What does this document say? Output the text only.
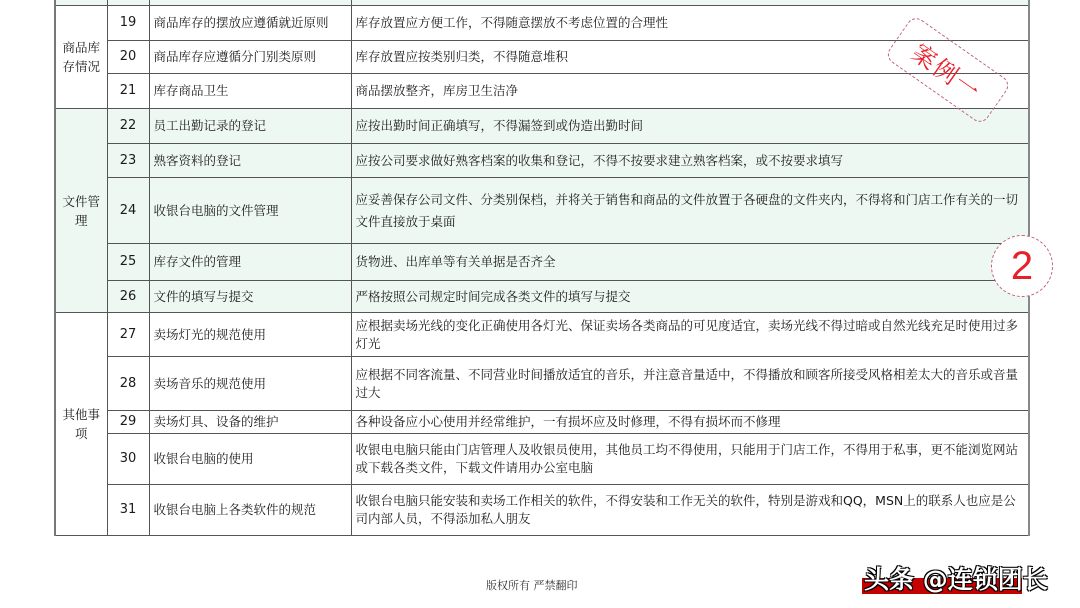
商品库
存情况	19	商品库存的摆放应遵循就近原则	库存放置应方便工作，不得随意摆放不考虑位置的合理性
	20	商品库存应遵循分门别类原则	库存放置应按类别归类，不得随意堆积
	21	库存商品卫生	商品摆放整齐，库房卫生洁净

文件管
理	22	员工出勤记录的登记	应按出勤时间正确填写，不得漏签到或伪造出勤时间
	23	熟客资料的登记	应按公司要求做好熟客档案的收集和登记，不得不按要求建立熟客档案，或不按要求填写
	24	收银台电脑的文件管理	应妥善保存公司文件、分类别保档，并将关于销售和商品的文件放置于各硬盘的文件夹内，不得将和门店工作有关的一切文件直接放于桌面
	25	库存文件的管理	货物进、出库单等有关单据是否齐全
	26	文件的填写与提交	严格按照公司规定时间完成各类文件的填写与提交

其他事
项	27	卖场灯光的规范使用	应根据卖场光线的变化正确使用各灯光、保证卖场各类商品的可见度适宜，卖场光线不得过暗或自然光线充足时使用过多灯光
	28	卖场音乐的规范使用	应根据不同客流量、不同营业时间播放适宜的音乐，并注意音量适中，不得播放和顾客所接受风格相差太大的音乐或音量过大
	29	卖场灯具、设备的维护	各种设备应小心使用并经常维护，一有损坏应及时修理，不得有损坏而不修理
	30	收银台电脑的使用	收银电电脑只能由门店管理人及收银员使用，其他员工均不得使用，只能用于门店工作，不得用于私事，更不能浏览网站或下载各类文件，下载文件请用办公室电脑
	31	收银台电脑上各类软件的规范	收银台电脑只能安装和卖场工作相关的软件，不得安装和工作无关的软件，特别是游戏和QQ，MSN上的联系人也应是公司内部人员，不得添加私人朋友
案例一
2
版权所有 严禁翻印	头条 @连锁团长
